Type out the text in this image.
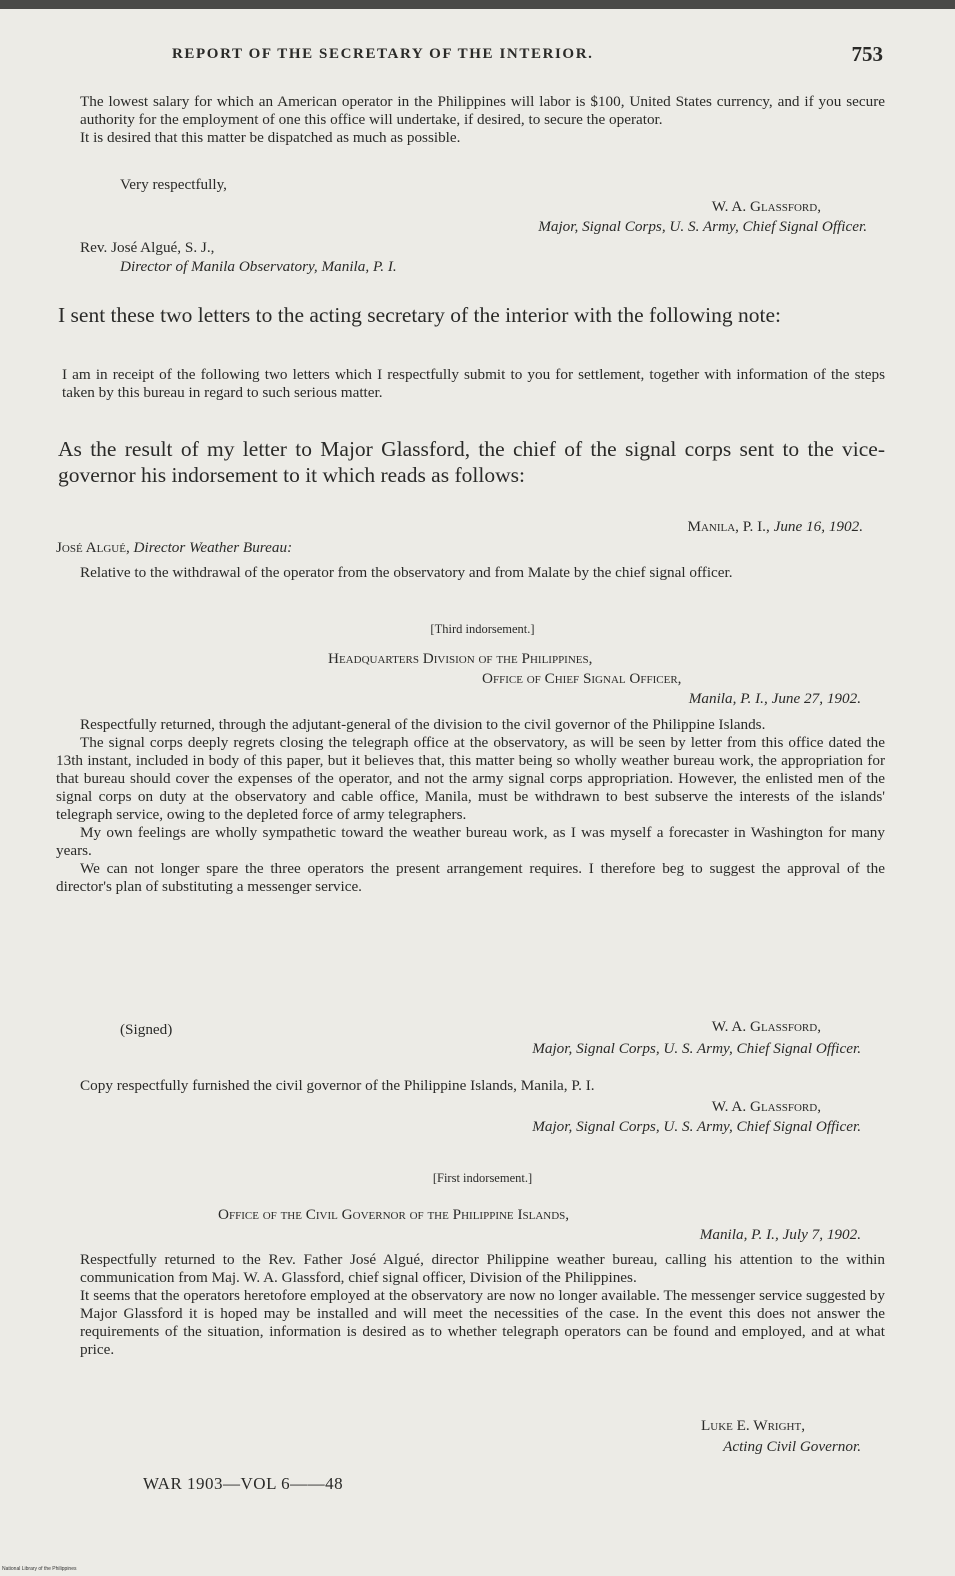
REPORT OF THE SECRETARY OF THE INTERIOR.	753

The lowest salary for which an American operator in the Philippines will labor is $100, United States currency, and if you secure authority for the employment of one this office will undertake, if desired, to secure the operator.

It is desired that this matter be dispatched as much as possible.

Very respectfully,
W. A. Glassford,
Major, Signal Corps, U. S. Army, Chief Signal Officer.
Rev. José Algué, S. J.,
Director of Manila Observatory, Manila, P. I.

I sent these two letters to the acting secretary of the interior with the following note:

I am in receipt of the following two letters which I respectfully submit to you for settlement, together with information of the steps taken by this bureau in regard to such serious matter.

As the result of my letter to Major Glassford, the chief of the signal corps sent to the vice-governor his indorsement to it which reads as follows:

Manila, P. I., June 16, 1902.
José Algué, Director Weather Bureau:

Relative to the withdrawal of the operator from the observatory and from Malate by the chief signal officer.

[Third indorsement.]
Headquarters Division of the Philippines,
Office of Chief Signal Officer,
Manila, P. I., June 27, 1902.

Respectfully returned, through the adjutant-general of the division to the civil governor of the Philippine Islands.

The signal corps deeply regrets closing the telegraph office at the observatory, as will be seen by letter from this office dated the 13th instant, included in body of this paper, but it believes that, this matter being so wholly weather bureau work, the appropriation for that bureau should cover the expenses of the operator, and not the army signal corps appropriation. However, the enlisted men of the signal corps on duty at the observatory and cable office, Manila, must be withdrawn to best subserve the interests of the islands' telegraph service, owing to the depleted force of army telegraphers.

My own feelings are wholly sympathetic toward the weather bureau work, as I was myself a forecaster in Washington for many years.

We can not longer spare the three operators the present arrangement requires. I therefore beg to suggest the approval of the director's plan of substituting a messenger service.

(Signed)	W. A. Glassford,
Major, Signal Corps, U. S. Army, Chief Signal Officer.
Copy respectfully furnished the civil governor of the Philippine Islands, Manila, P. I.
W. A. Glassford,
Major, Signal Corps, U. S. Army, Chief Signal Officer.
[First indorsement.]
Office of the Civil Governor of the Philippine Islands,
Manila, P. I., July 7, 1902.

Respectfully returned to the Rev. Father José Algué, director Philippine weather bureau, calling his attention to the within communication from Maj. W. A. Glassford, chief signal officer, Division of the Philippines.

It seems that the operators heretofore employed at the observatory are now no longer available. The messenger service suggested by Major Glassford it is hoped may be installed and will meet the necessities of the case. In the event this does not answer the requirements of the situation, information is desired as to whether telegraph operators can be found and employed, and at what price.

Luke E. Wright,
Acting Civil Governor.
WAR 1903—VOL 6——48
National Library of the Philippines
